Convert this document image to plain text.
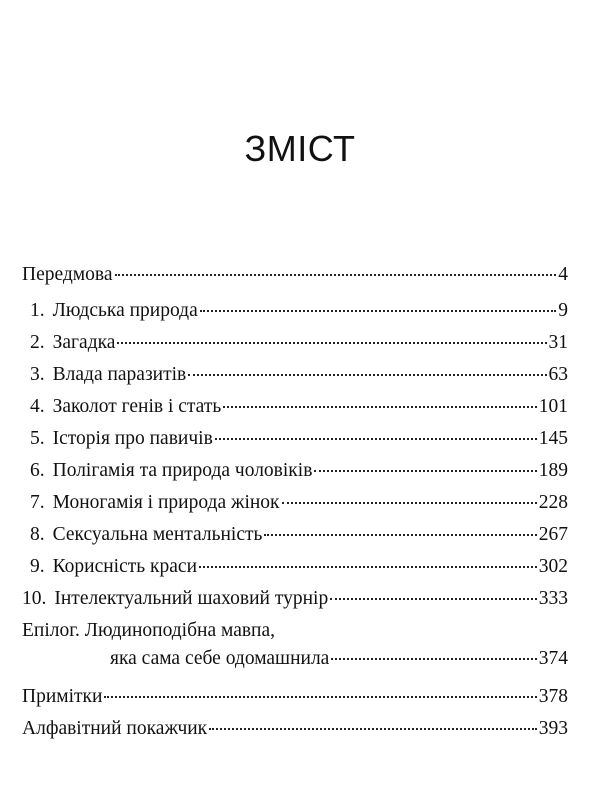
ЗМІСТ
Передмова	4
1. Людська природа	9
2. Загадка	31
3. Влада паразитів	63
4. Заколот генів і стать	101
5. Історія про павичів	145
6. Полігамія та природа чоловіків	189
7. Моногамія і природа жінок	228
8. Сексуальна ментальність	267
9. Корисність краси	302
10. Інтелектуальний шаховий турнір	333
Епілог. Людиноподібна мавпа,
яка сама себе одомашнила	374
Примітки	378
Алфавітний покажчик	393
